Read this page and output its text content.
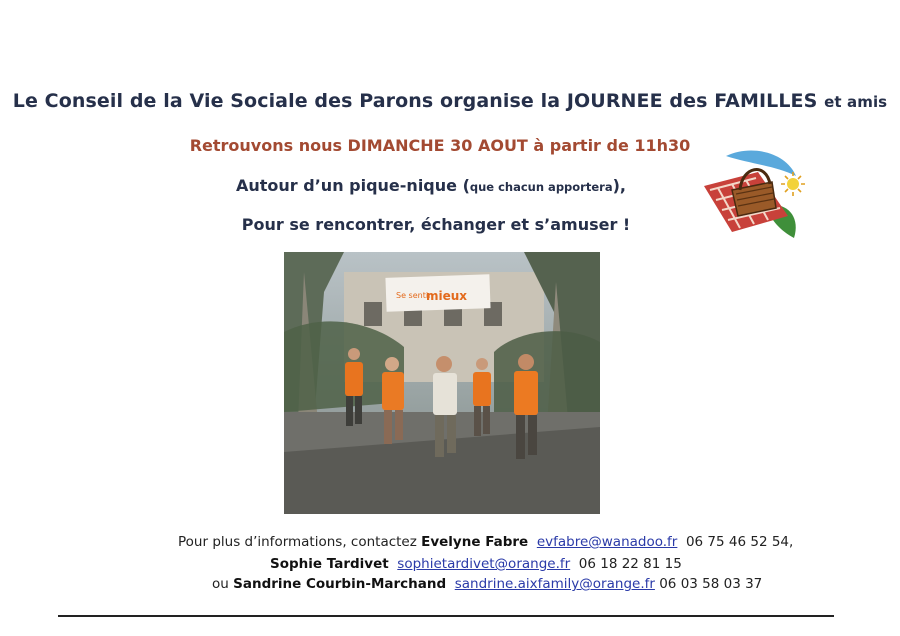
Le Conseil de la Vie Sociale des Parons organise la JOURNEE des FAMILLES et amis
Retrouvons nous DIMANCHE 30 AOUT à partir de 11h30
Autour d’un pique-nique (que chacun apportera),
Pour se rencontrer, échanger et s’amuser !
Se sentir
mieux
Pour plus d’informations, contactez Evelyne Fabre evfabre@wanadoo.fr 06 75 46 52 54,
Sophie Tardivet sophietardivet@orange.fr 06 18 22 81 15
ou Sandrine Courbin-Marchand sandrine.aixfamily@orange.fr 06 03 58 03 37
